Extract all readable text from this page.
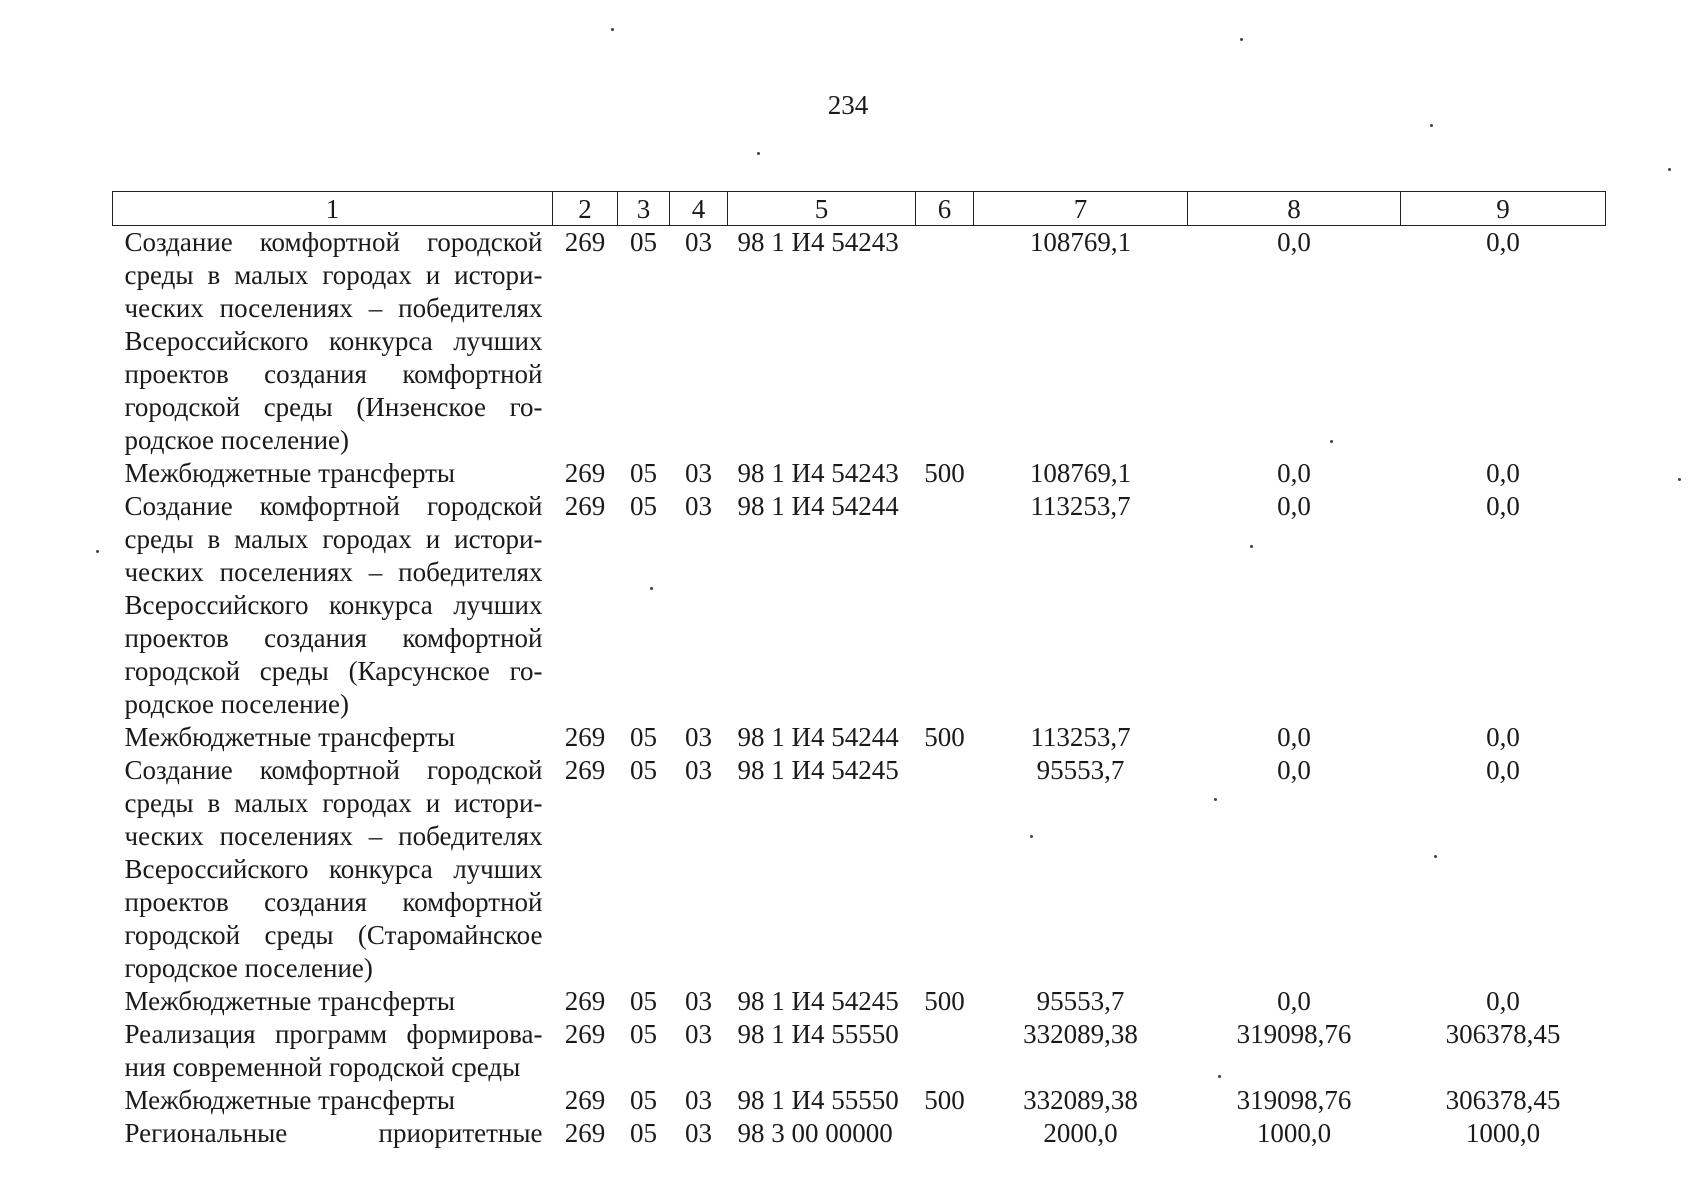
234
1	2	3	4	5	6	7	8	9
Создание комфортной городской среды в малых городах и исторических поселениях – победителях Всероссийского конкурса лучших проектов создания комфортной городской среды (Инзенское городское поселение)	269	05	03	98 1 И4 54243		108769,1	0,0	0,0
Межбюджетные трансферты	269	05	03	98 1 И4 54243	500	108769,1	0,0	0,0
Создание комфортной городской среды в малых городах и исторических поселениях – победителях Всероссийского конкурса лучших проектов создания комфортной городской среды (Карсунское городское поселение)	269	05	03	98 1 И4 54244		113253,7	0,0	0,0
Межбюджетные трансферты	269	05	03	98 1 И4 54244	500	113253,7	0,0	0,0
Создание комфортной городской среды в малых городах и исторических поселениях – победителях Всероссийского конкурса лучших проектов создания комфортной городской среды (Старомайнское городское поселение)	269	05	03	98 1 И4 54245		95553,7	0,0	0,0
Межбюджетные трансферты	269	05	03	98 1 И4 54245	500	95553,7	0,0	0,0
Реализация программ формирования современной городской среды	269	05	03	98 1 И4 55550		332089,38	319098,76	306378,45
Межбюджетные трансферты	269	05	03	98 1 И4 55550	500	332089,38	319098,76	306378,45
Региональные приоритетные	269	05	03	98 3 00 00000		2000,0	1000,0	1000,0
